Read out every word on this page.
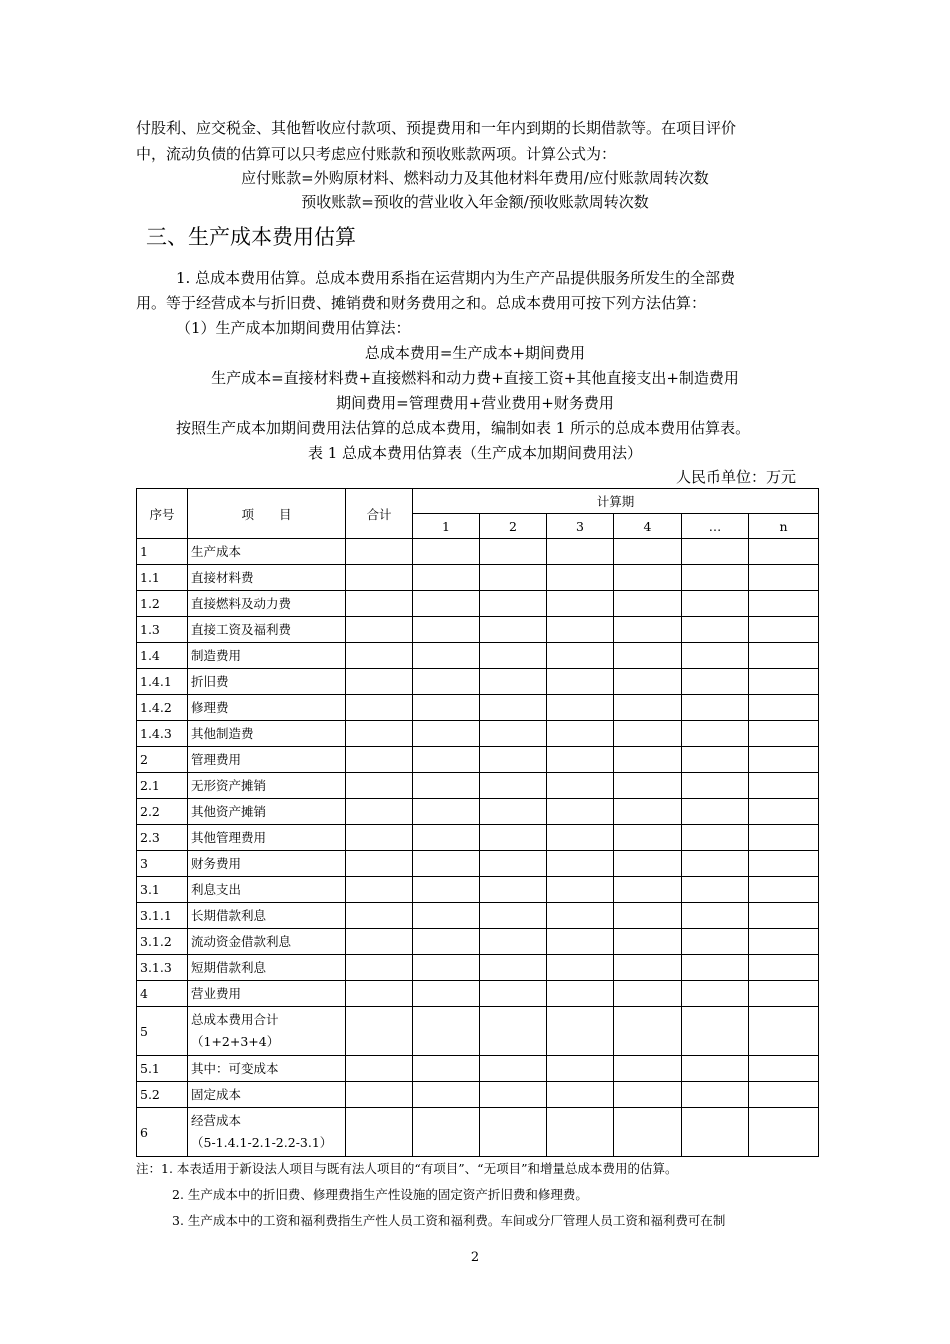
付股利、应交税金、其他暂收应付款项、预提费用和一年内到期的长期借款等。在项目评价
中，流动负债的估算可以只考虑应付账款和预收账款两项。计算公式为：
应付账款=外购原材料、燃料动力及其他材料年费用/应付账款周转次数
预收账款=预收的营业收入年金额/预收账款周转次数
三、生产成本费用估算
1. 总成本费用估算。总成本费用系指在运营期内为生产产品提供服务所发生的全部费
用。等于经营成本与折旧费、摊销费和财务费用之和。总成本费用可按下列方法估算：
（1）生产成本加期间费用估算法：
总成本费用=生产成本+期间费用
生产成本=直接材料费+直接燃料和动力费+直接工资+其他直接支出+制造费用
期间费用=管理费用+营业费用+财务费用
按照生产成本加期间费用法估算的总成本费用，编制如表 1 所示的总成本费用估算表。
表 1 总成本费用估算表（生产成本加期间费用法）
人民币单位：万元
序号	项　　目	合计	计算期					
			1	2	3	4	…	n
1	生产成本							
1.1	直接材料费							
1.2	直接燃料及动力费							
1.3	直接工资及福利费							
1.4	制造费用							
1.4.1	折旧费							
1.4.2	修理费							
1.4.3	其他制造费							
2	管理费用							
2.1	无形资产摊销							
2.2	其他资产摊销							
2.3	其他管理费用							
3	财务费用							
3.1	利息支出							
3.1.1	长期借款利息							
3.1.2	流动资金借款利息							
3.1.3	短期借款利息							
4	营业费用							
5	总成本费用合计
（1+2+3+4）							

5.1	其中：可变成本							
5.2	固定成本							
6	经营成本
（5-1.4.1-2.1-2.2-3.1）							

注：1. 本表适用于新设法人项目与既有法人项目的“有项目”、“无项目”和增量总成本费用的估算。
2. 生产成本中的折旧费、修理费指生产性设施的固定资产折旧费和修理费。
3. 生产成本中的工资和福利费指生产性人员工资和福利费。车间或分厂管理人员工资和福利费可在制
2
